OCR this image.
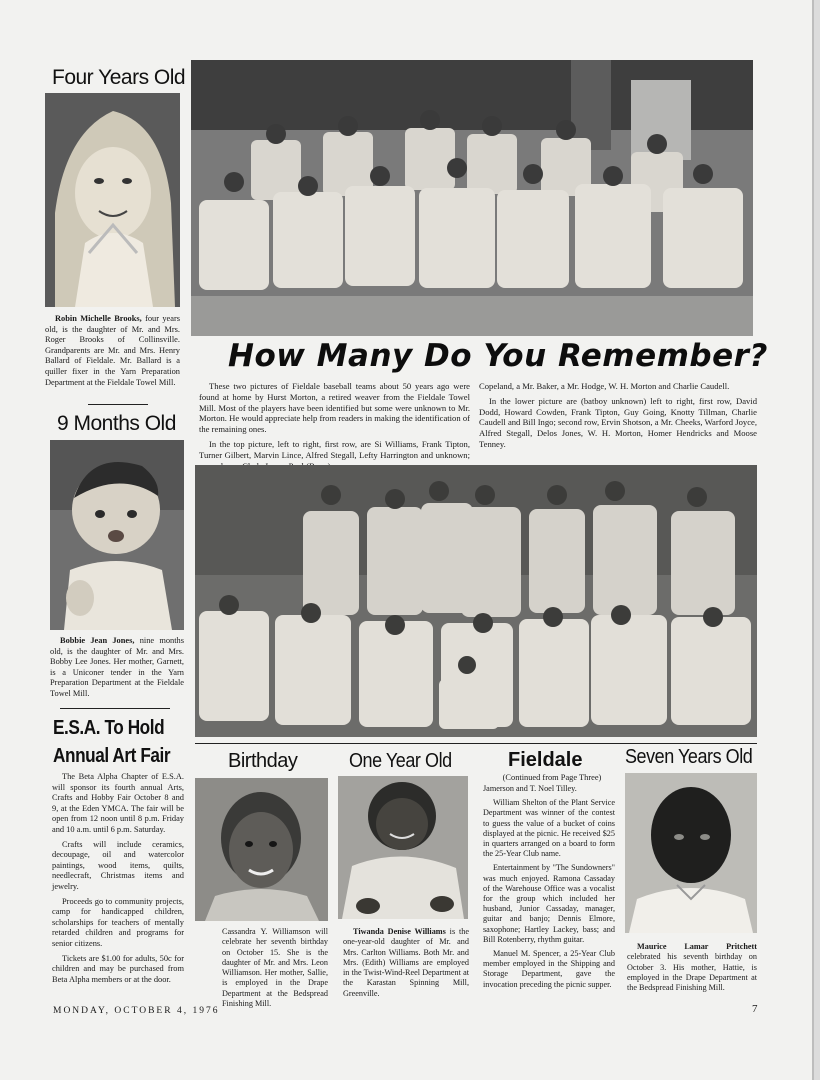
Four Years Old

Robin Michelle Brooks, four years old, is the daughter of Mr. and Mrs. Roger Brooks of Collinsville. Grandparents are Mr. and Mrs. Henry Ballard of Fieldale. Mr. Ballard is a quiller fixer in the Yarn Preparation Department at the Fieldale Towel Mill.

9 Months Old

Bobbie Jean Jones, nine months old, is the daughter of Mr. and Mrs. Bobby Lee Jones. Her mother, Garnett, is a Uniconer tender in the Yarn Preparation Department at the Fieldale Towel Mill.

E.S.A. To Hold
Annual Art Fair

The Beta Alpha Chapter of E.S.A. will sponsor its fourth annual Arts, Crafts and Hobby Fair October 8 and 9, at the Eden YMCA. The fair will be open from 12 noon until 8 p.m. Friday and 10 a.m. until 6 p.m. Saturday.

Crafts will include ceramics, decoupage, oil and watercolor paintings, wood items, quilts, needlecraft, Christmas items and jewelry.

Proceeds go to community projects, camp for handicapped children, scholarships for teachers of mentally retarded children and programs for senior citizens.

Tickets are $1.00 for adults, 50c for children and may be purchased from Beta Alpha members or at the door.

How Many Do You Remember?

These two pictures of Fieldale baseball teams about 50 years ago were found at home by Hurst Morton, a retired weaver from the Fieldale Towel Mill. Most of the players have been identified but some were unknown to Mr. Morton. He would appreciate help from readers in making the identification of the remaining ones.

In the top picture, left to right, first row, are Si Williams, Frank Tipton, Turner Gilbert, Marvin Lince, Alfred Stegall, Lefty Harrington and unknown;

Copeland, a Mr. Baker, a Mr. Hodge, W. H. Morton and Charlie Caudell.

In the lower picture are (batboy unknown) left to right, first row, David Dodd, Howard Cowden, Frank Tipton, Guy Going, Knotty Tillman, Charlie Caudell and Bill Ingo; second row, Ervin Shotson, a Mr. Cheeks, Warford Joyce, Alfred Stegall, Delos Jones, W. H. Morton, Homer Hendricks and Moose Tenney.

Birthday
Cassandra Y. Williamson will celebrate her seventh birthday on October 15. She is the daughter of Mr. and Mrs. Leon Williamson. Her mother, Sallie, is employed in the Drape Department at the Bedspread Finishing Mill.
One Year Old

Tiwanda Denise Williams is the one-year-old daughter of Mr. and Mrs. Carlton Williams. Both Mr. and Mrs. (Edith) Williams are employed in the Twist-Wind-Reel Department at the Karastan Spinning Mill, Greenville.

Fieldale
(Continued from Page Three)

Jamerson and T. Noel Tilley.

William Shelton of the Plant Service Department was winner of the contest to guess the value of a bucket of coins displayed at the picnic. He received $25 in quarters arranged on a board to form the 25-Year Club name.

Entertainment by "The Sundowners" was much enjoyed. Ramona Cassaday of the Warehouse Office was a vocalist for the group which included her husband, Junior Cassaday, manager, guitar and banjo; Dennis Elmore, saxophone; Hartley Lackey, bass; and Bill Rotenberry, rhythm guitar.

Manuel M. Spencer, a 25-Year Club member employed in the Shipping and Storage Department, gave the invocation preceding the picnic supper.

Seven Years Old

Maurice Lamar Pritchett celebrated his seventh birthday on October 3. His mother, Hattie, is employed in the Drape Department at the Bedspread Finishing Mill.

MONDAY, OCTOBER 4, 1976	7
